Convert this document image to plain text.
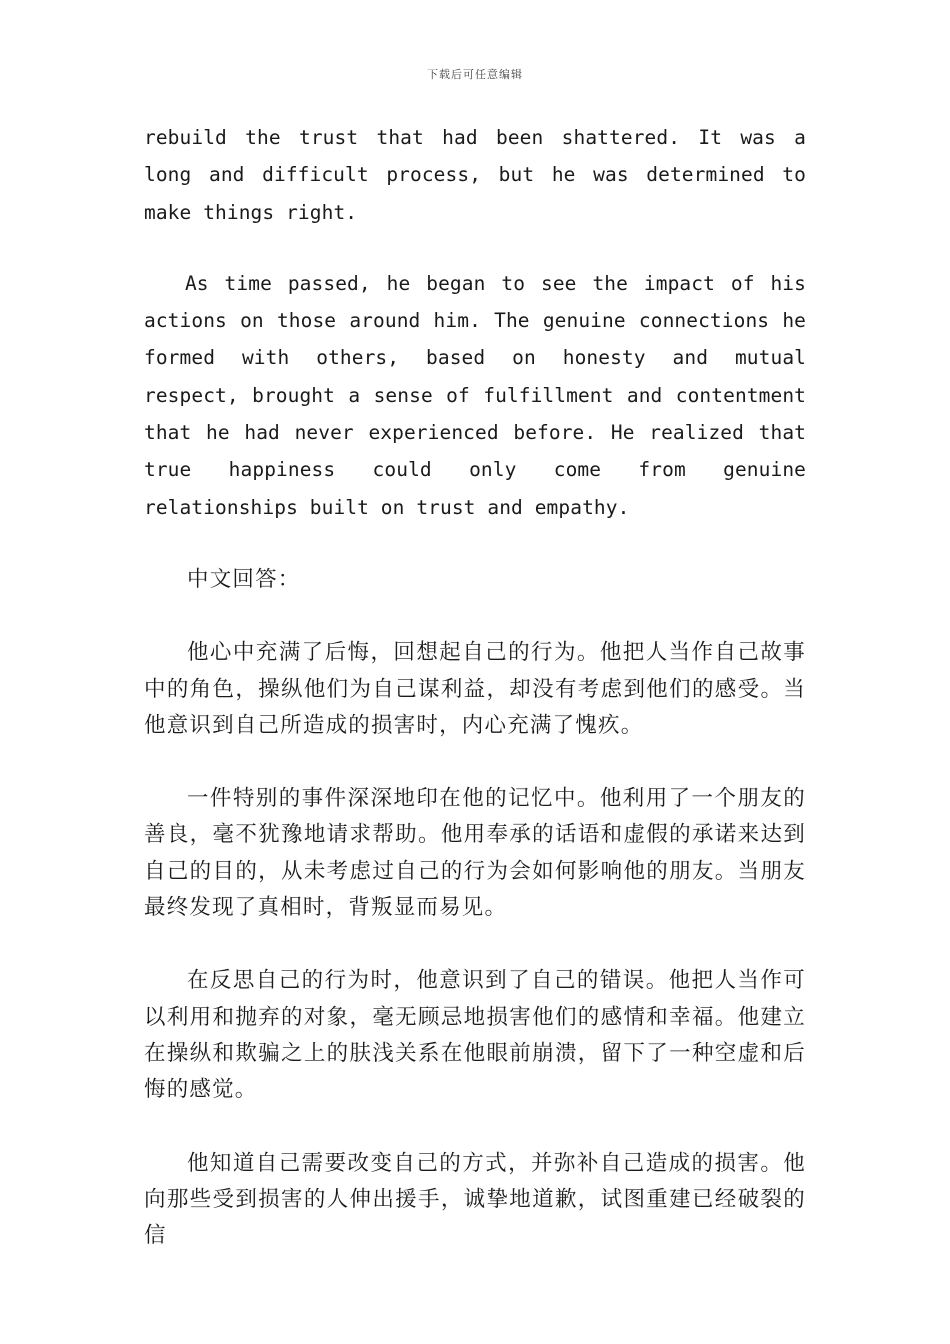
下载后可任意编辑

rebuild the trust that had been shattered. It was a long and difficult process, but he was determined to make things right.

As time passed, he began to see the impact of his actions on those around him. The genuine connections he formed with others, based on honesty and mutual respect, brought a sense of fulfillment and contentment that he had never experienced before. He realized that true happiness could only come from genuine relationships built on trust and empathy.

中文回答：

他心中充满了后悔，回想起自己的行为。他把人当作自己故事中的角色，操纵他们为自己谋利益，却没有考虑到他们的感受。当他意识到自己所造成的损害时，内心充满了愧疚。

一件特别的事件深深地印在他的记忆中。他利用了一个朋友的善良，毫不犹豫地请求帮助。他用奉承的话语和虚假的承诺来达到自己的目的，从未考虑过自己的行为会如何影响他的朋友。当朋友最终发现了真相时，背叛显而易见。

在反思自己的行为时，他意识到了自己的错误。他把人当作可以利用和抛弃的对象，毫无顾忌地损害他们的感情和幸福。他建立在操纵和欺骗之上的肤浅关系在他眼前崩溃，留下了一种空虚和后悔的感觉。

他知道自己需要改变自己的方式，并弥补自己造成的损害。他向那些受到损害的人伸出援手，诚挚地道歉，试图重建已经破裂的信
